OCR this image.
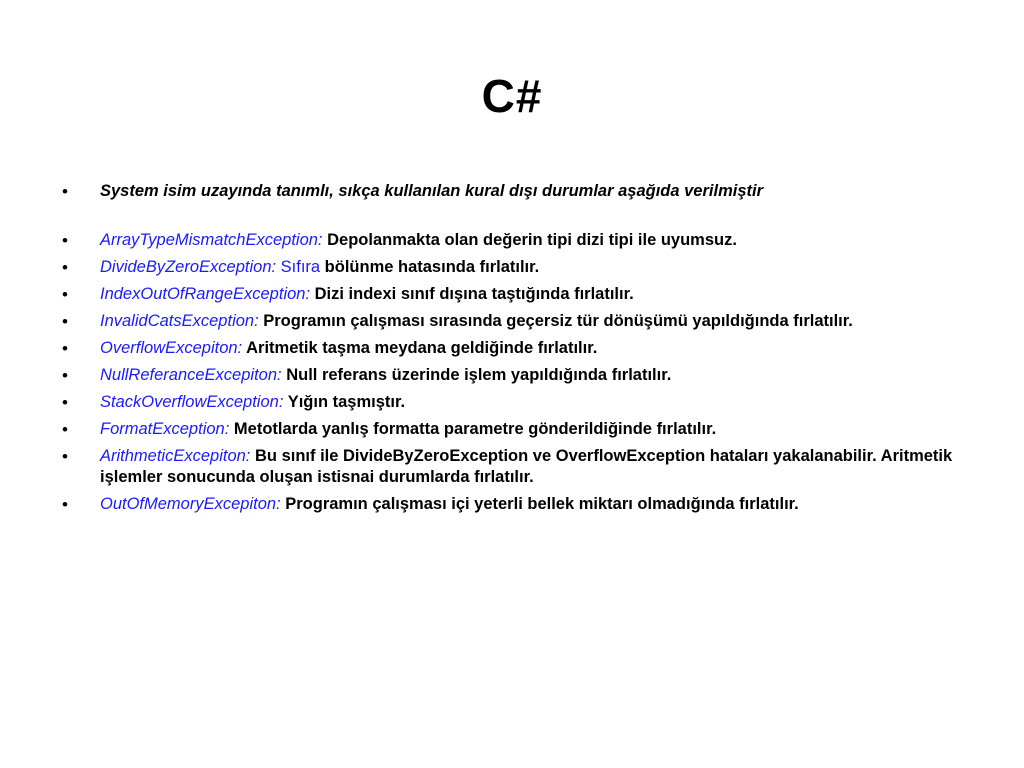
C#
• System isim uzayında tanımlı, sıkça kullanılan kural dışı durumlar aşağıda verilmiştir
• ArrayTypeMismatchException: Depolanmakta olan değerin tipi dizi tipi ile uyumsuz.
• DivideByZeroException: Sıfıra bölünme hatasında fırlatılır.
• IndexOutOfRangeException: Dizi indexi sınıf dışına taştığında fırlatılır.
• InvalidCatsException: Programın çalışması sırasında geçersiz tür dönüşümü yapıldığında fırlatılır.
• OverflowExcepiton: Aritmetik taşma meydana geldiğinde fırlatılır.
• NullReferanceExcepiton: Null referans üzerinde işlem yapıldığında fırlatılır.
• StackOverflowException: Yığın taşmıştır.
• FormatException: Metotlarda yanlış formatta parametre gönderildiğinde fırlatılır.
• ArithmeticExcepiton: Bu sınıf ile DivideByZeroException ve OverflowException hataları yakalanabilir. Aritmetik işlemler sonucunda oluşan istisnai durumlarda fırlatılır.
• OutOfMemoryExcepiton: Programın çalışması içi yeterli bellek miktarı olmadığında fırlatılır.
